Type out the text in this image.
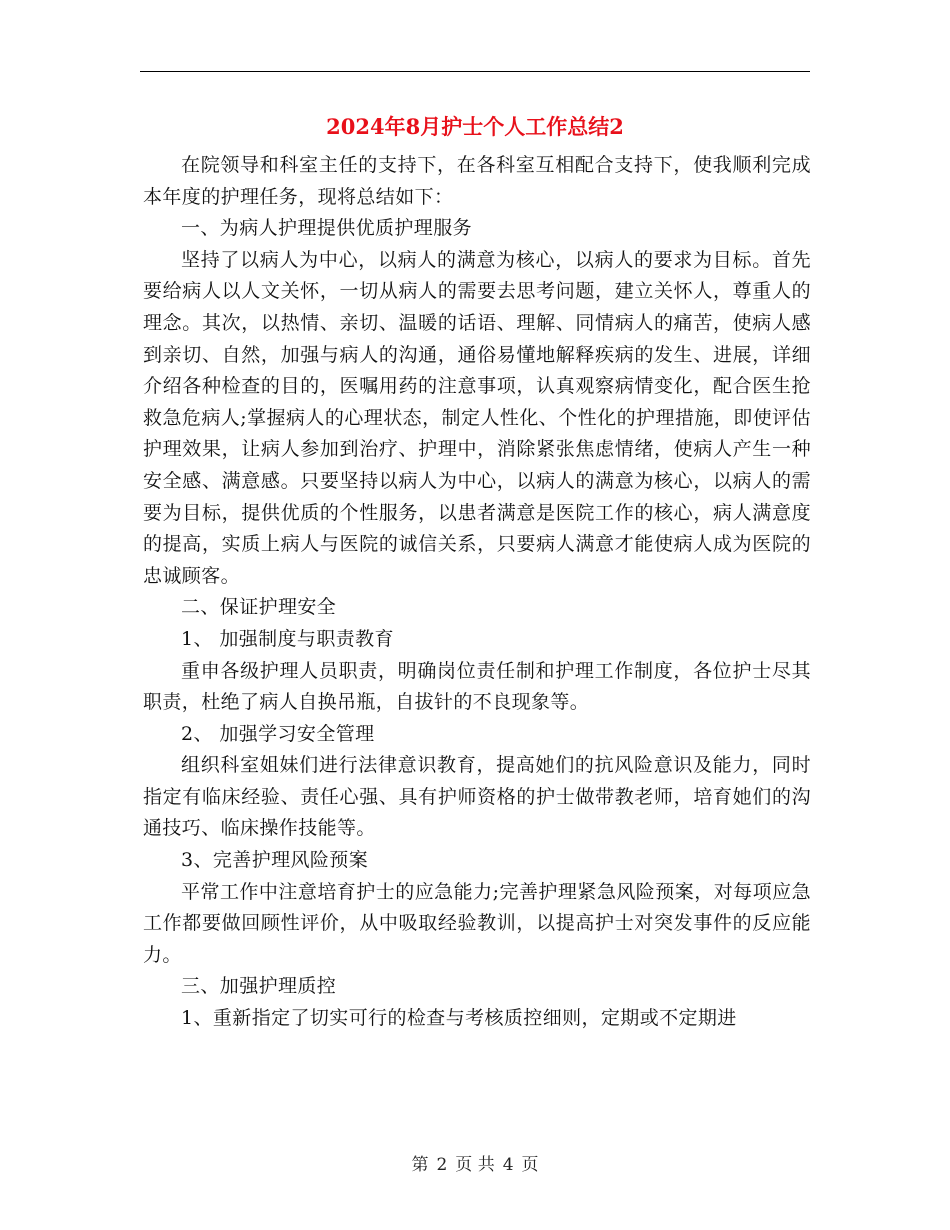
2024年8月护士个人工作总结2

在院领导和科室主任的支持下，在各科室互相配合支持下，使我顺利完成本年度的护理任务，现将总结如下：

一、为病人护理提供优质护理服务

坚持了以病人为中心，以病人的满意为核心，以病人的要求为目标。首先要给病人以人文关怀，一切从病人的需要去思考问题，建立关怀人，尊重人的理念。其次，以热情、亲切、温暖的话语、理解、同情病人的痛苦，使病人感到亲切、自然，加强与病人的沟通，通俗易懂地解释疾病的发生、进展，详细介绍各种检查的目的，医嘱用药的注意事项，认真观察病情变化，配合医生抢救急危病人;掌握病人的心理状态，制定人性化、个性化的护理措施，即使评估护理效果，让病人参加到治疗、护理中，消除紧张焦虑情绪，使病人产生一种安全感、满意感。只要坚持以病人为中心，以病人的满意为核心，以病人的需要为目标，提供优质的个性服务，以患者满意是医院工作的核心，病人满意度的提高，实质上病人与医院的诚信关系，只要病人满意才能使病人成为医院的忠诚顾客。

二、保证护理安全

1、 加强制度与职责教育

重申各级护理人员职责，明确岗位责任制和护理工作制度，各位护士尽其职责，杜绝了病人自换吊瓶，自拔针的不良现象等。

2、 加强学习安全管理

组织科室姐妹们进行法律意识教育，提高她们的抗风险意识及能力，同时指定有临床经验、责任心强、具有护师资格的护士做带教老师，培育她们的沟通技巧、临床操作技能等。

3、完善护理风险预案

平常工作中注意培育护士的应急能力;完善护理紧急风险预案，对每项应急工作都要做回顾性评价，从中吸取经验教训，以提高护士对突发事件的反应能力。

三、加强护理质控

1、重新指定了切实可行的检查与考核质控细则，定期或不定期进

第 2 页 共 4 页
